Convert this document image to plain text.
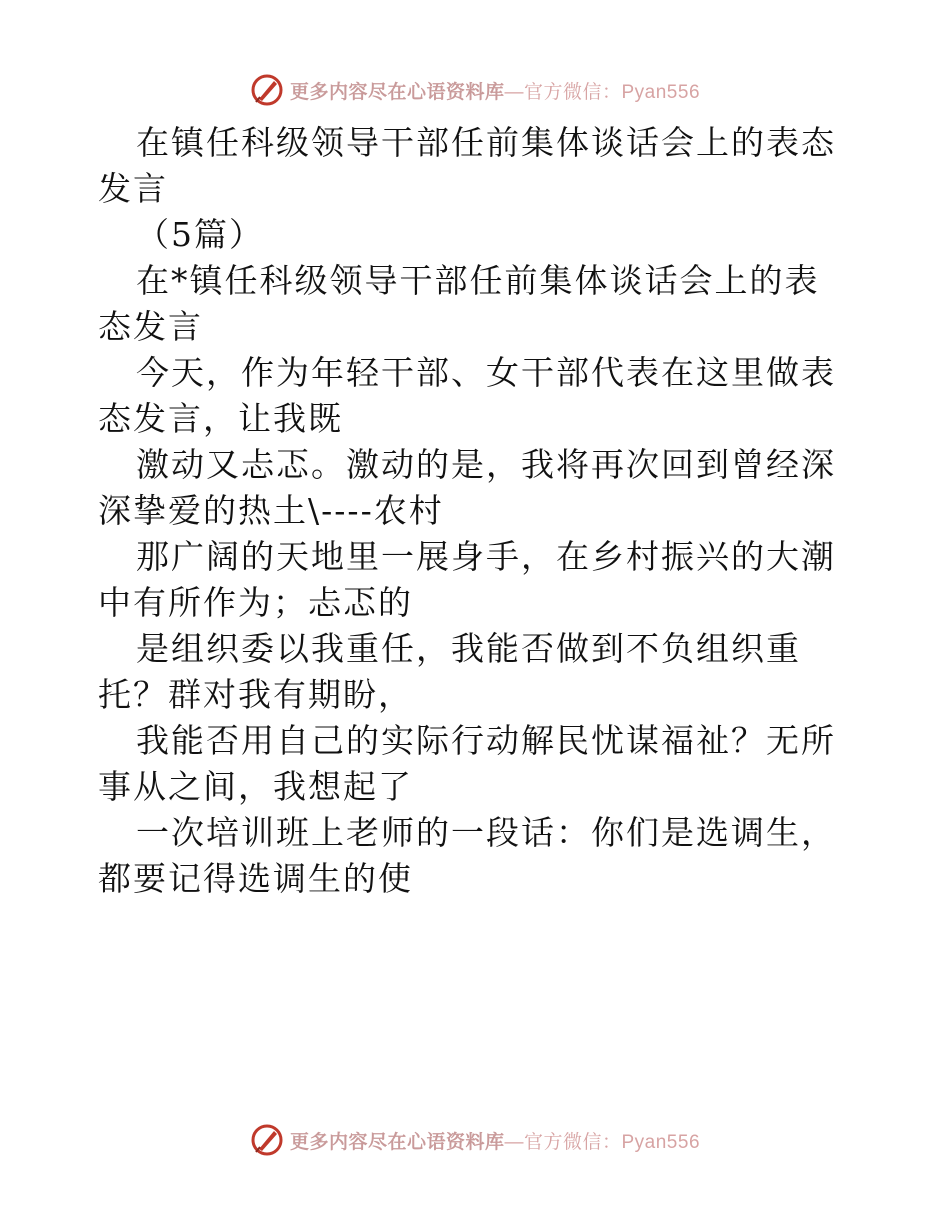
更多内容尽在心语资料库—官方微信：Pyan556

在镇任科级领导干部任前集体谈话会上的表态发言

（5篇）

在*镇任科级领导干部任前集体谈话会上的表态发言

今天，作为年轻干部、女干部代表在这里做表态发言，让我既

激动又忐忑。激动的是，我将再次回到曾经深深挚爱的热土\----农村

那广阔的天地里一展身手，在乡村振兴的大潮中有所作为；忐忑的

是组织委以我重任，我能否做到不负组织重托？群对我有期盼，

我能否用自己的实际行动解民忧谋福祉？无所事从之间，我想起了

一次培训班上老师的一段话：你们是选调生，都要记得选调生的使

更多内容尽在心语资料库—官方微信：Pyan556
